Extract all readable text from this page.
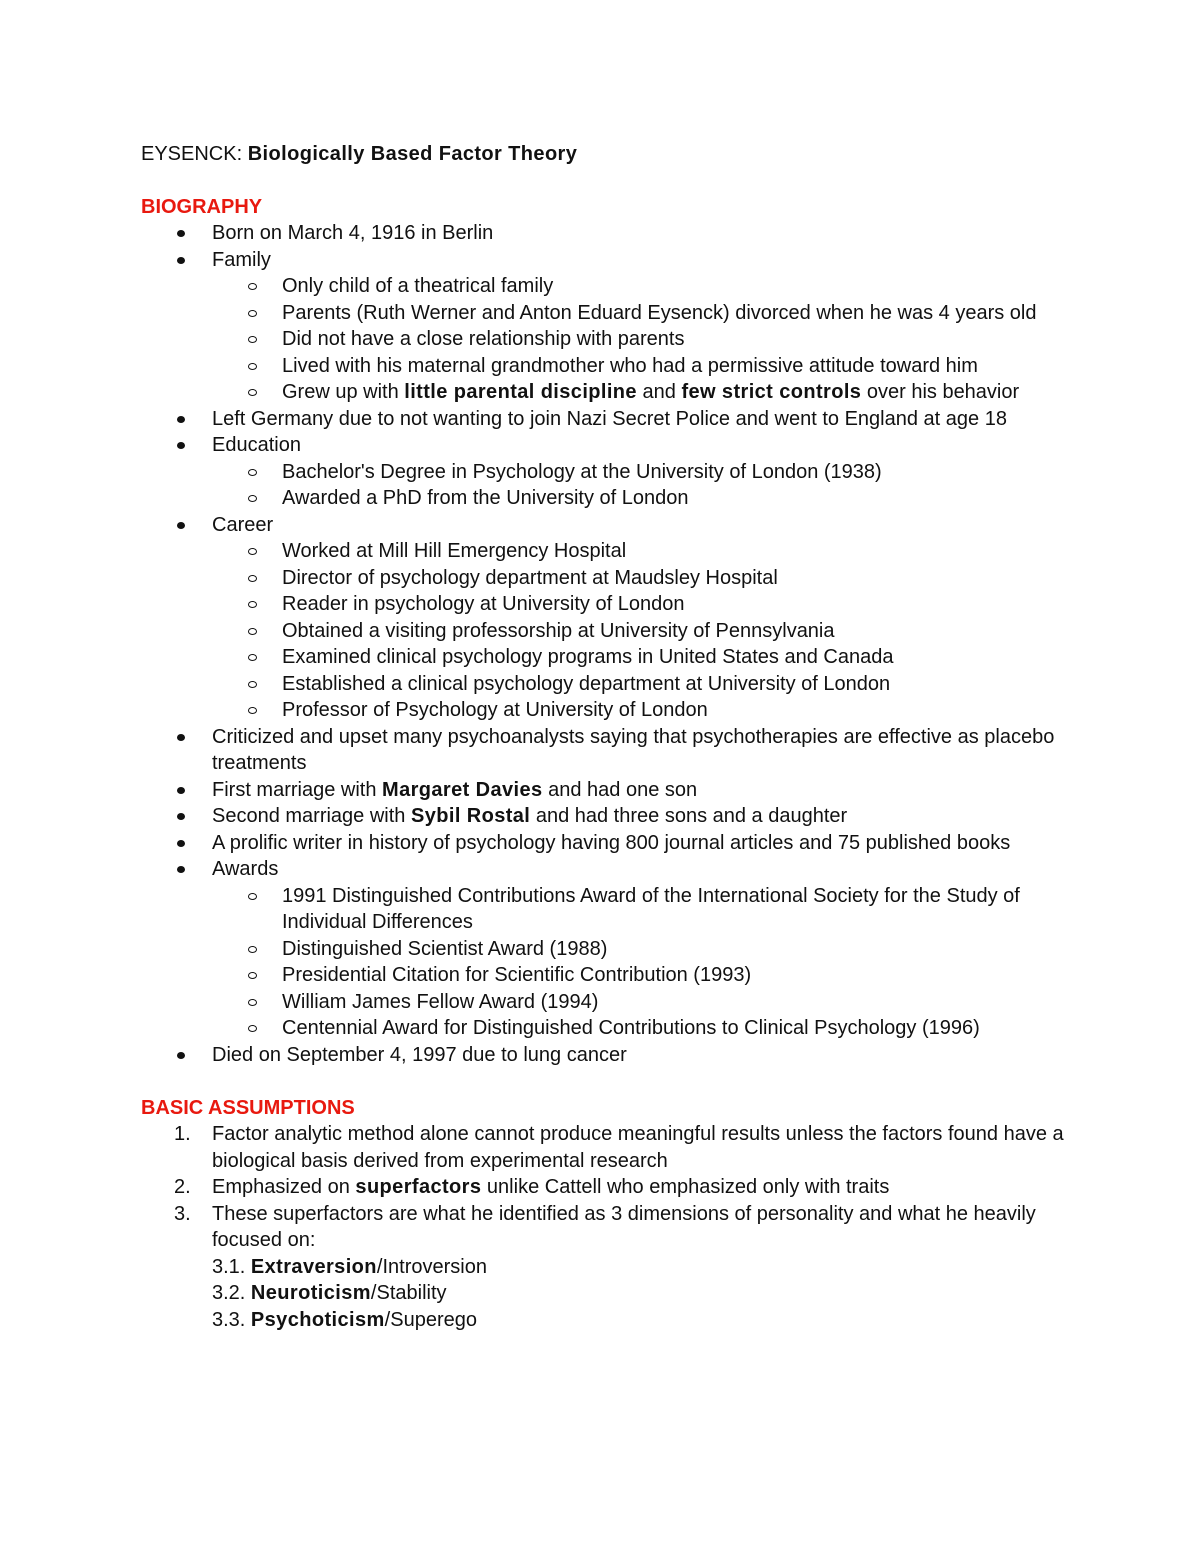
EYSENCK: Biologically Based Factor Theory

BIOGRAPHY

Born on March 4, 1916 in Berlin
Family
Only child of a theatrical family
Parents (Ruth Werner and Anton Eduard Eysenck) divorced when he was 4 years old
Did not have a close relationship with parents
Lived with his maternal grandmother who had a permissive attitude toward him
Grew up with little parental discipline and few strict controls over his behavior
Left Germany due to not wanting to join Nazi Secret Police and went to England at age 18
Education
Bachelor's Degree in Psychology at the University of London (1938)
Awarded a PhD from the University of London
Career
Worked at Mill Hill Emergency Hospital
Director of psychology department at Maudsley Hospital
Reader in psychology at University of London
Obtained a visiting professorship at University of Pennsylvania
Examined clinical psychology programs in United States and Canada
Established a clinical psychology department at University of London
Professor of Psychology at University of London
Criticized and upset many psychoanalysts saying that psychotherapies are effective as placebo treatments
First marriage with Margaret Davies and had one son
Second marriage with Sybil Rostal and had three sons and a daughter
A prolific writer in history of psychology having 800 journal articles and 75 published books
Awards
1991 Distinguished Contributions Award of the International Society for the Study of Individual Differences
Distinguished Scientist Award (1988)
Presidential Citation for Scientific Contribution (1993)
William James Fellow Award (1994)
Centennial Award for Distinguished Contributions to Clinical Psychology (1996)
Died on September 4, 1997 due to lung cancer

BASIC ASSUMPTIONS

1.	Factor analytic method alone cannot produce meaningful results unless the factors found have a biological basis derived from experimental research
2.	Emphasized on superfactors unlike Cattell who emphasized only with traits
3.	These superfactors are what he identified as 3 dimensions of personality and what he heavily focused on:
3.1. Extraversion/Introversion
3.2. Neuroticism/Stability
3.3. Psychoticism/Superego
